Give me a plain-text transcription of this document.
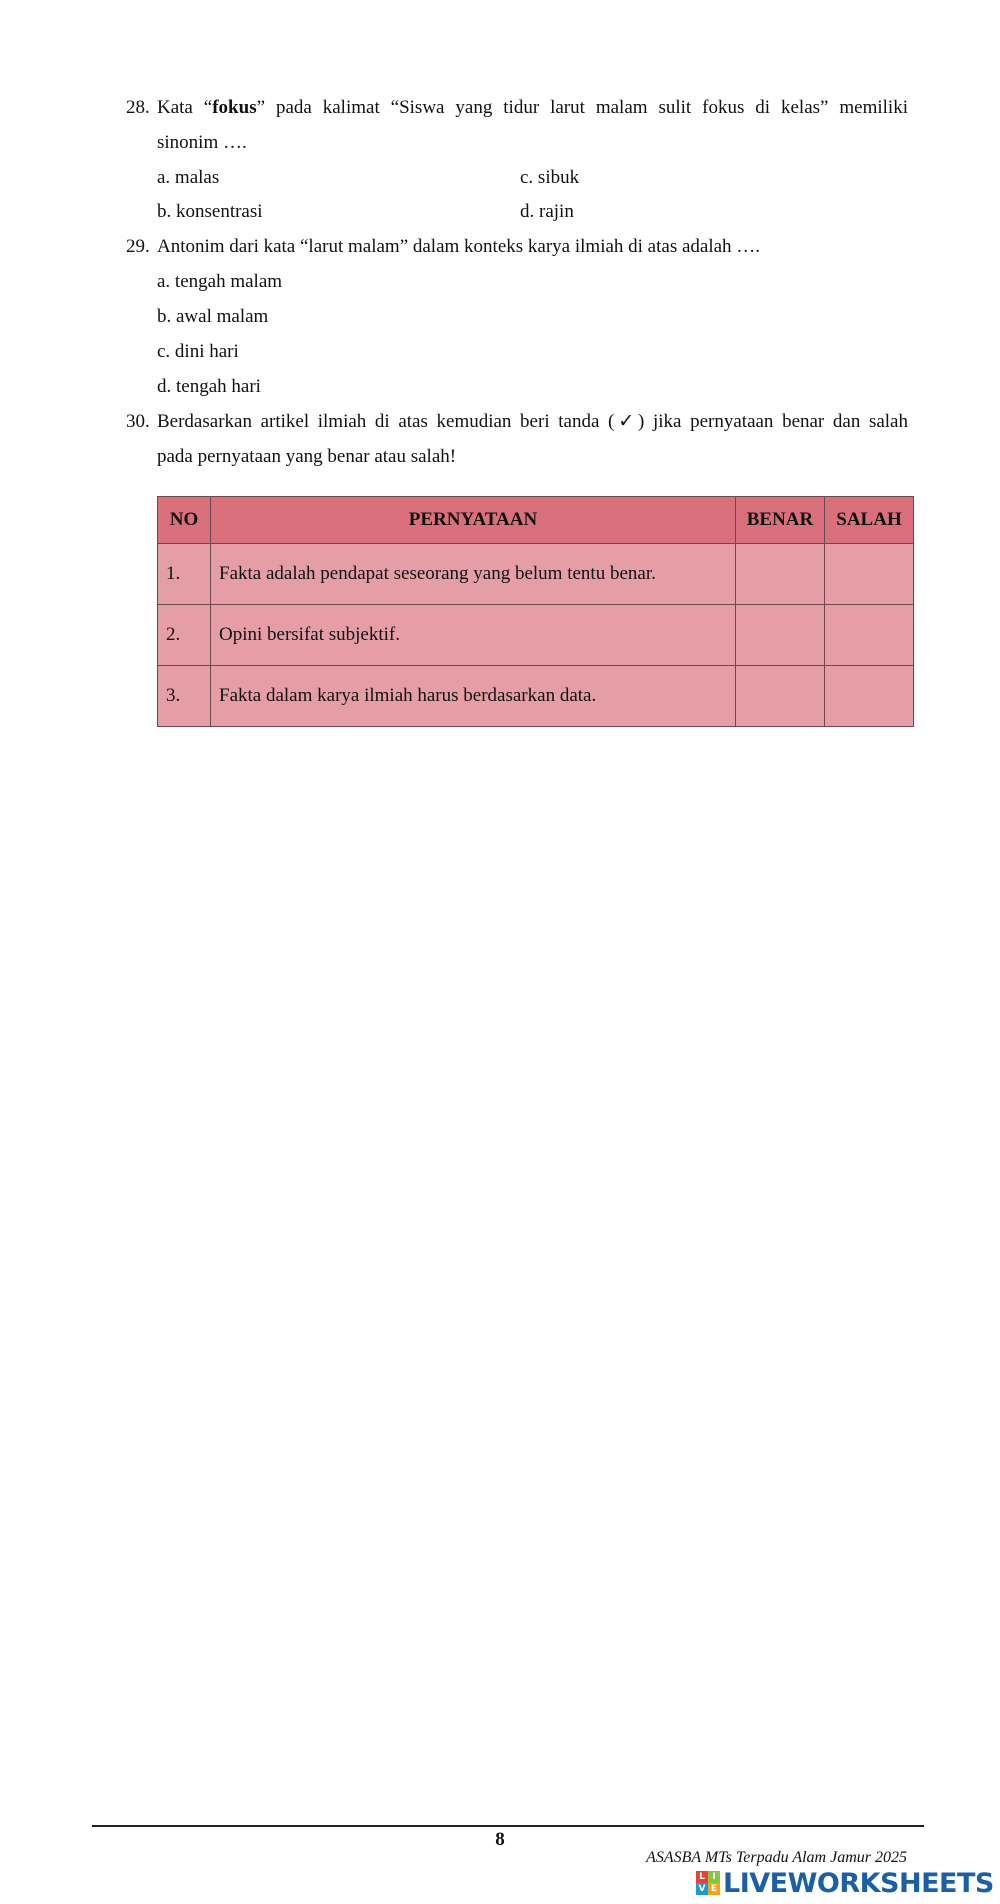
28. Kata “fokus” pada kalimat “Siswa yang tidur larut malam sulit fokus di kelas” memiliki
sinonim ….
a. malas	c. sibuk
b. konsentrasi	d. rajin
29. Antonim dari kata “larut malam” dalam konteks karya ilmiah di atas adalah ….
a. tengah malam
b. awal malam
c. dini hari
d. tengah hari
30. Berdasarkan artikel ilmiah di atas kemudian beri tanda (✓) jika pernyataan benar dan salah
pada pernyataan yang benar atau salah!
NO	PERNYATAAN	BENAR	SALAH
1.	Fakta adalah pendapat seseorang yang belum tentu benar.		
2.	Opini bersifat subjektif.		
3.	Fakta dalam karya ilmiah harus berdasarkan data.		
8
ASASBA MTs Terpadu Alam Jamur 2025
L I
V E LIVEWORKSHEETS
